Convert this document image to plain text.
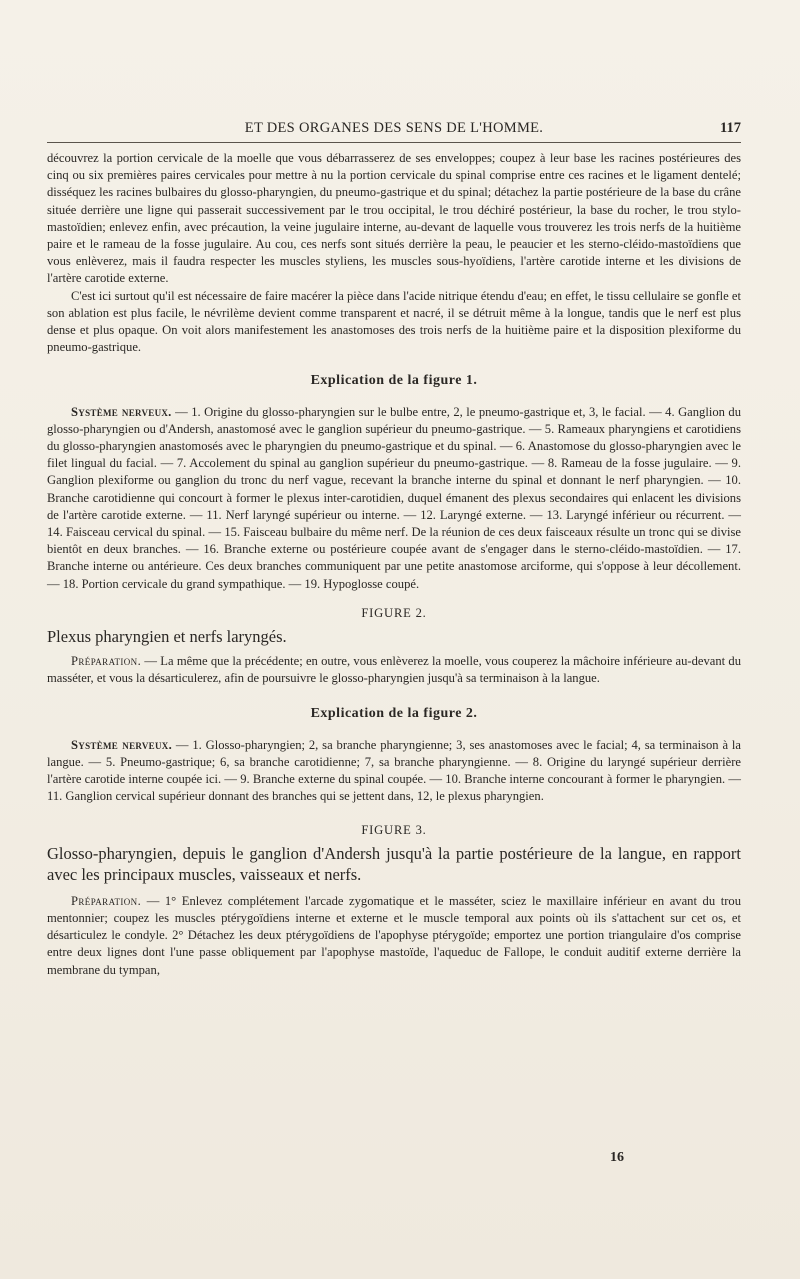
ET DES ORGANES DES SENS DE L'HOMME.	117

découvrez la portion cervicale de la moelle que vous débarrasserez de ses enveloppes; coupez à leur base les racines postérieures des cinq ou six premières paires cervicales pour mettre à nu la portion cervicale du spinal comprise entre ces racines et le ligament dentelé; disséquez les racines bulbaires du glosso-pharyngien, du pneumo-gastrique et du spinal; détachez la partie postérieure de la base du crâne située derrière une ligne qui passerait successivement par le trou occipital, le trou déchiré postérieur, la base du rocher, le trou stylo-mastoïdien; enlevez enfin, avec précaution, la veine jugulaire interne, au-devant de laquelle vous trouverez les trois nerfs de la huitième paire et le rameau de la fosse jugulaire. Au cou, ces nerfs sont situés derrière la peau, le peaucier et les sterno-cléido-mastoïdiens que vous enlèverez, mais il faudra respecter les muscles styliens, les muscles sous-hyoïdiens, l'artère carotide interne et les divisions de l'artère carotide externe.

C'est ici surtout qu'il est nécessaire de faire macérer la pièce dans l'acide nitrique étendu d'eau; en effet, le tissu cellulaire se gonfle et son ablation est plus facile, le névrilème devient comme transparent et nacré, il se détruit même à la longue, tandis que le nerf est plus dense et plus opaque. On voit alors manifestement les anastomoses des trois nerfs de la huitième paire et la disposition plexiforme du pneumo-gastrique.

Explication de la figure 1.

Système nerveux. — 1. Origine du glosso-pharyngien sur le bulbe entre, 2, le pneumo-gastrique et, 3, le facial. — 4. Ganglion du glosso-pharyngien ou d'Andersh, anastomosé avec le ganglion supérieur du pneumo-gastrique. — 5. Rameaux pharyngiens et carotidiens du glosso-pharyngien anastomosés avec le pharyngien du pneumo-gastrique et du spinal. — 6. Anastomose du glosso-pharyngien avec le filet lingual du facial. — 7. Accolement du spinal au ganglion supérieur du pneumo-gastrique. — 8. Rameau de la fosse jugulaire. — 9. Ganglion plexiforme ou ganglion du tronc du nerf vague, recevant la branche interne du spinal et donnant le nerf pharyngien. — 10. Branche carotidienne qui concourt à former le plexus inter-carotidien, duquel émanent des plexus secondaires qui enlacent les divisions de l'artère carotide externe. — 11. Nerf laryngé supérieur ou interne. — 12. Laryngé externe. — 13. Laryngé inférieur ou récurrent. — 14. Faisceau cervical du spinal. — 15. Faisceau bulbaire du même nerf. De la réunion de ces deux faisceaux résulte un tronc qui se divise bientôt en deux branches. — 16. Branche externe ou postérieure coupée avant de s'engager dans le sterno-cléido-mastoïdien. — 17. Branche interne ou antérieure. Ces deux branches communiquent par une petite anastomose arciforme, qui s'oppose à leur décollement. — 18. Portion cervicale du grand sympathique. — 19. Hypoglosse coupé.

FIGURE 2.

Plexus pharyngien et nerfs laryngés.

Préparation. — La même que la précédente; en outre, vous enlèverez la moelle, vous couperez la mâchoire inférieure au-devant du masséter, et vous la désarticulerez, afin de poursuivre le glosso-pharyngien jusqu'à sa terminaison à la langue.

Explication de la figure 2.

Système nerveux. — 1. Glosso-pharyngien; 2, sa branche pharyngienne; 3, ses anastomoses avec le facial; 4, sa terminaison à la langue. — 5. Pneumo-gastrique; 6, sa branche carotidienne; 7, sa branche pharyngienne. — 8. Origine du laryngé supérieur derrière l'artère carotide interne coupée ici. — 9. Branche externe du spinal coupée. — 10. Branche interne concourant à former le pharyngien. — 11. Ganglion cervical supérieur donnant des branches qui se jettent dans, 12, le plexus pharyngien.

FIGURE 3.

Glosso-pharyngien, depuis le ganglion d'Andersh jusqu'à la partie postérieure de la langue, en rapport avec les principaux muscles, vaisseaux et nerfs.

Préparation. — 1° Enlevez complétement l'arcade zygomatique et le masséter, sciez le maxillaire inférieur en avant du trou mentonnier; coupez les muscles ptérygoïdiens interne et externe et le muscle temporal aux points où ils s'attachent sur cet os, et désarticulez le condyle. 2° Détachez les deux ptérygoïdiens de l'apophyse ptérygoïde; emportez une portion triangulaire d'os comprise entre deux lignes dont l'une passe obliquement par l'apophyse mastoïde, l'aqueduc de Fallope, le conduit auditif externe derrière la membrane du tympan,

16
